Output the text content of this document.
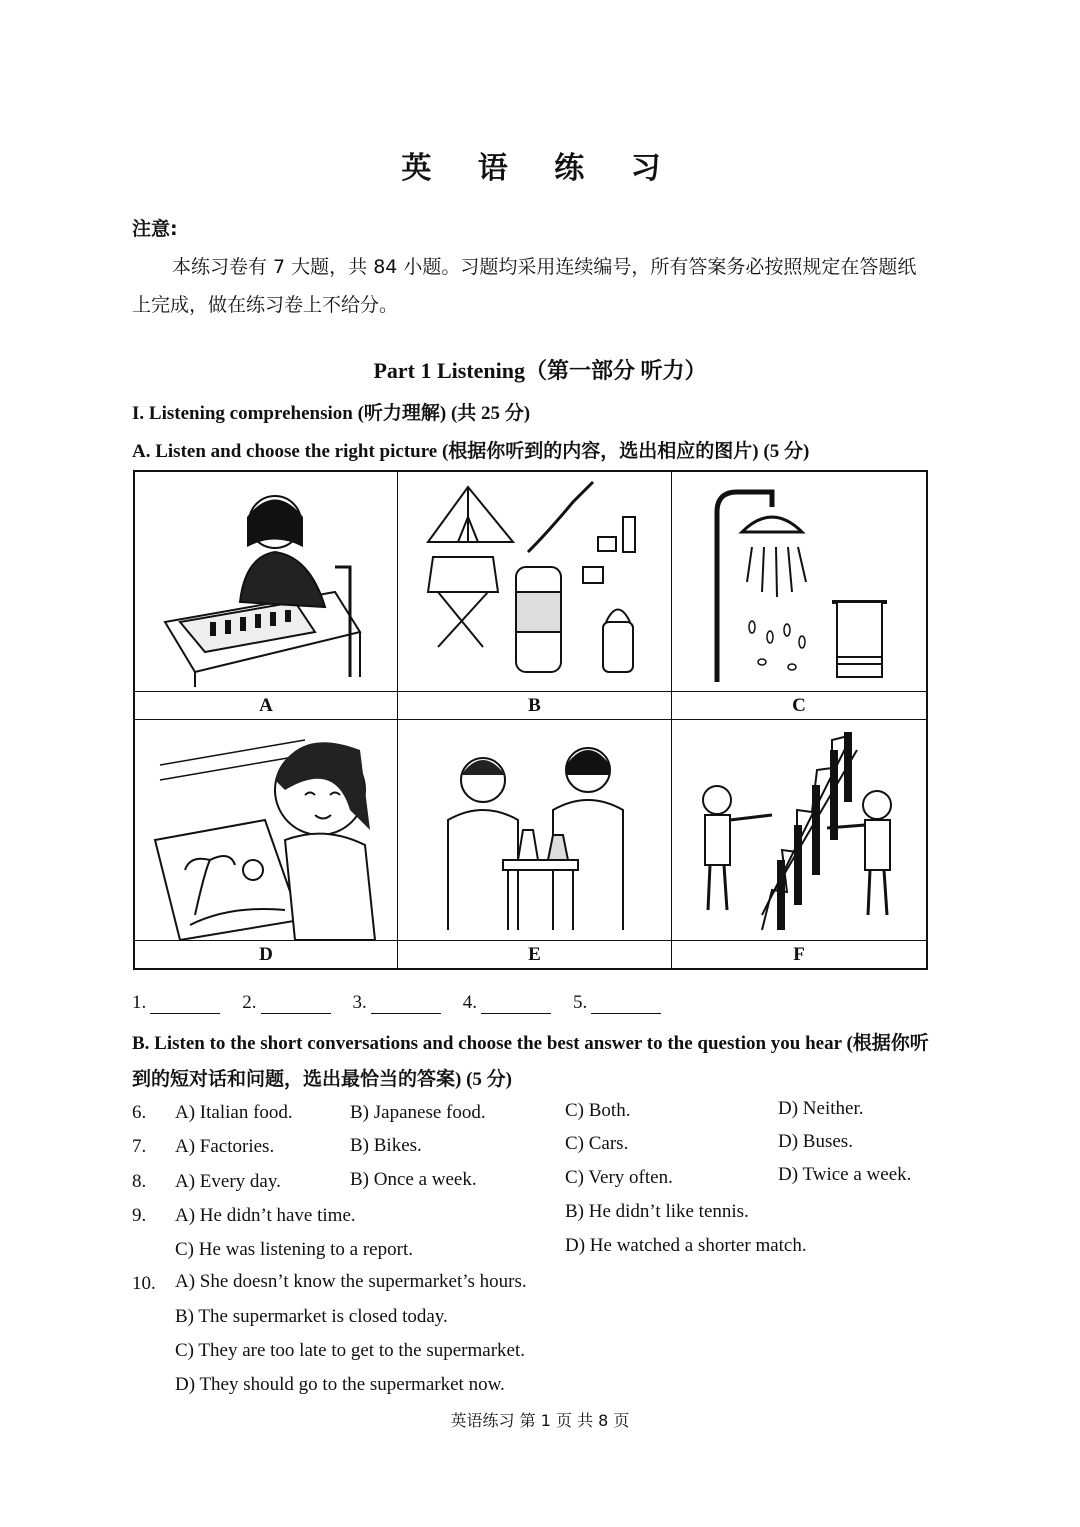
英 语 练 习
注意:
本练习卷有 7 大题，共 84 小题。习题均采用连续编号，所有答案务必按照规定在答题纸上完成，做在练习卷上不给分。
Part 1 Listening（第一部分 听力）
I. Listening comprehension (听力理解) (共 25 分)
A. Listen and choose the right picture (根据你听到的内容，选出相应的图片) (5 分)
A	B	C
D	E	F
1.	2.	3.	4.	5.
B. Listen to the short conversations and choose the best answer to the question you hear (根据你听到的短对话和问题，选出最恰当的答案) (5 分)
6. A) Italian food.	B) Japanese food.	C) Both.	D) Neither.
7. A) Factories.	B) Bikes.	C) Cars.	D) Buses.
8. A) Every day.	B) Once a week.	C) Very often.	D) Twice a week.
9. A) He didn’t have time.	B) He didn’t like tennis.
C) He was listening to a report.	D) He watched a shorter match.
10. A) She doesn’t know the supermarket’s hours.
B) The supermarket is closed today.
C) They are too late to get to the supermarket.
D) They should go to the supermarket now.
英语练习 第 1 页 共 8 页
